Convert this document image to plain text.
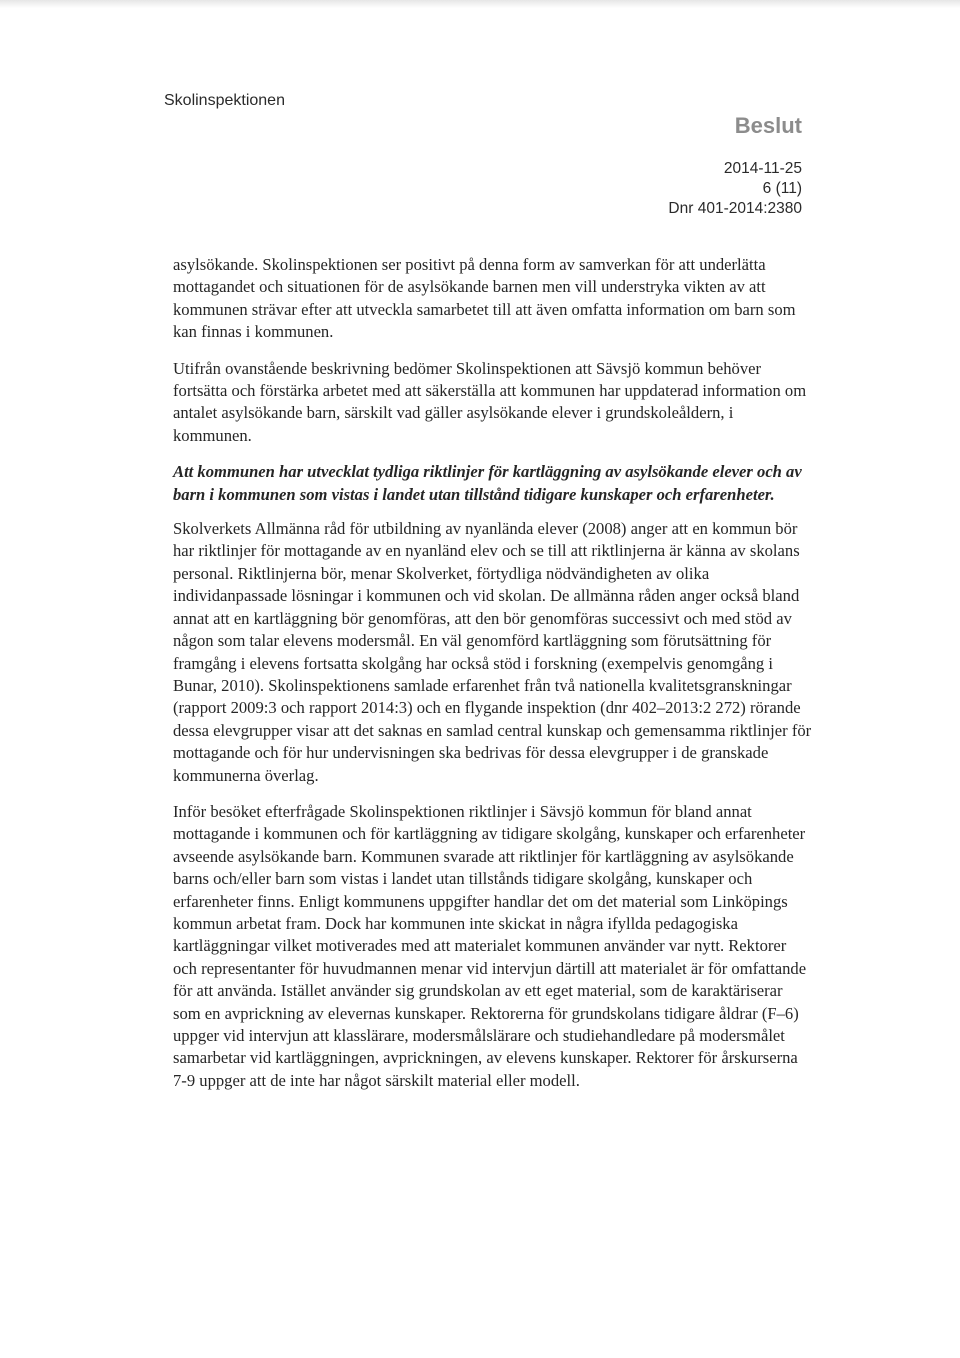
Skolinspektionen
Beslut
2014-11-25
6 (11)
Dnr 401-2014:2380

asylsökande. Skolinspektionen ser positivt på denna form av samverkan för att underlätta mottagandet och situationen för de asylsökande barnen men vill understryka vikten av att kommunen strävar efter att utveckla samarbetet till att även omfatta information om barn som kan finnas i kommunen.

Utifrån ovanstående beskrivning bedömer Skolinspektionen att Sävsjö kommun behöver fortsätta och förstärka arbetet med att säkerställa att kommunen har uppdaterad information om antalet asylsökande barn, särskilt vad gäller asylsökande elever i grundskoleåldern, i kommunen.

Att kommunen har utvecklat tydliga riktlinjer för kartläggning av asylsökande elever och av barn i kommunen som vistas i landet utan tillstånd tidigare kunskaper och erfarenheter.

Skolverkets Allmänna råd för utbildning av nyanlända elever (2008) anger att en kommun bör har riktlinjer för mottagande av en nyanländ elev och se till att riktlinjerna är känna av skolans personal. Riktlinjerna bör, menar Skolverket, förtydliga nödvändigheten av olika individanpassade lösningar i kommunen och vid skolan. De allmänna råden anger också bland annat att en kartläggning bör genomföras, att den bör genomföras successivt och med stöd av någon som talar elevens modersmål. En väl genomförd kartläggning som förutsättning för framgång i elevens fortsatta skolgång har också stöd i forskning (exempelvis genomgång i Bunar, 2010). Skolinspektionens samlade erfarenhet från två nationella kvalitetsgranskningar (rapport 2009:3 och rapport 2014:3) och en flygande inspektion (dnr 402–2013:2 272) rörande dessa elevgrupper visar att det saknas en samlad central kunskap och gemensamma riktlinjer för mottagande och för hur undervisningen ska bedrivas för dessa elevgrupper i de granskade kommunerna överlag.

Inför besöket efterfrågade Skolinspektionen riktlinjer i Sävsjö kommun för bland annat mottagande i kommunen och för kartläggning av tidigare skolgång, kunskaper och erfarenheter avseende asylsökande barn. Kommunen svarade att riktlinjer för kartläggning av asylsökande barns och/eller barn som vistas i landet utan tillstånds tidigare skolgång, kunskaper och erfarenheter finns. Enligt kommunens uppgifter handlar det om det material som Linköpings kommun arbetat fram. Dock har kommunen inte skickat in några ifyllda pedagogiska kartläggningar vilket motiverades med att materialet kommunen använder var nytt. Rektorer och representanter för huvudmannen menar vid intervjun därtill att materialet är för omfattande för att använda. Istället använder sig grundskolan av ett eget material, som de karaktäriserar som en avprickning av elevernas kunskaper. Rektorerna för grundskolans tidigare åldrar (F–6) uppger vid intervjun att klasslärare, modersmålslärare och studiehandledare på modersmålet samarbetar vid kartläggningen, avprickningen, av elevens kunskaper. Rektorer för årskurserna 7-9 uppger att de inte har något särskilt material eller modell.
